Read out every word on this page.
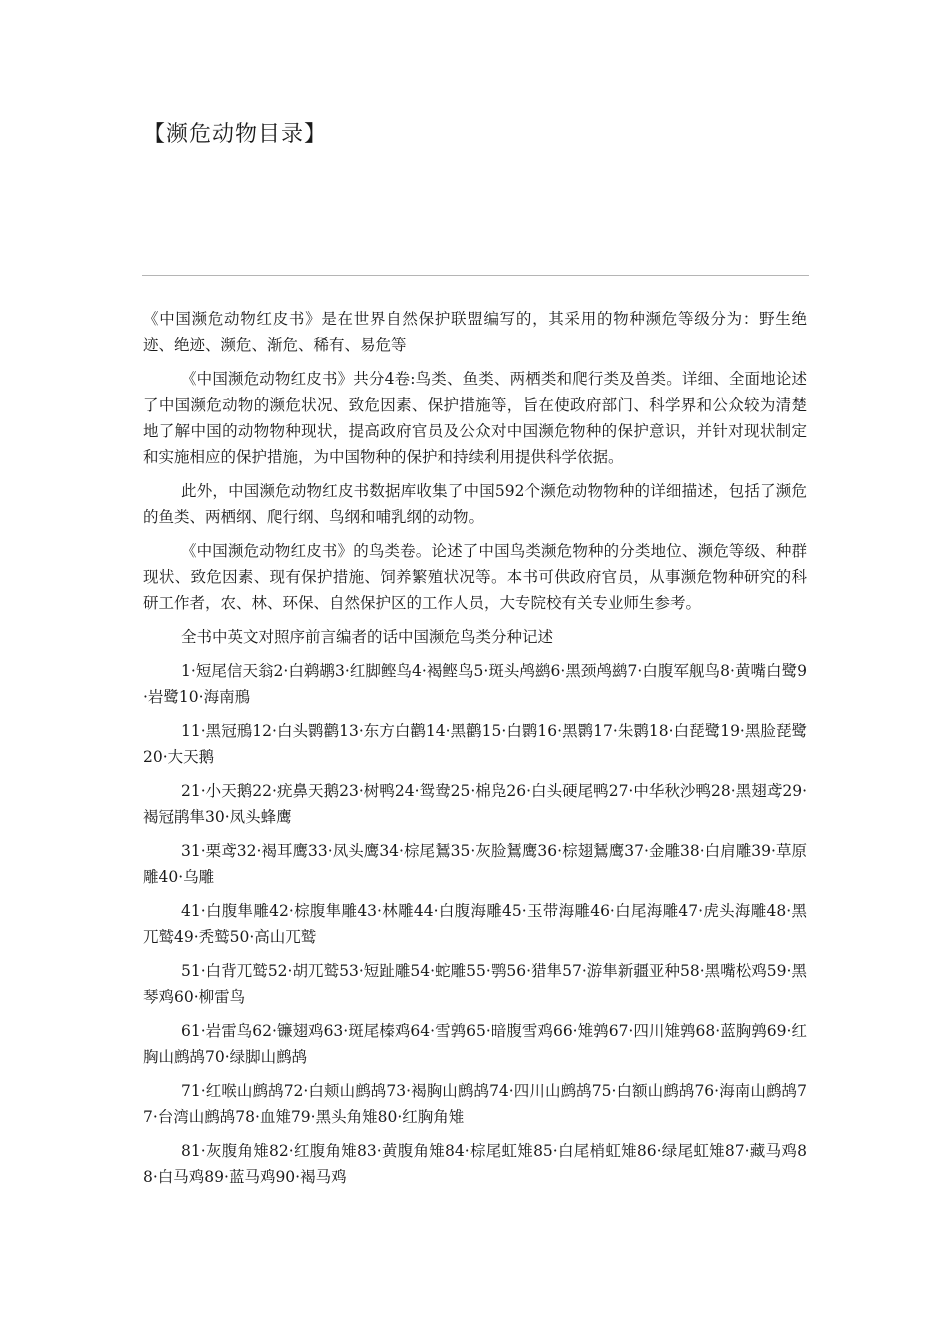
【濒危动物目录】

《中国濒危动物红皮书》是在世界自然保护联盟编写的，其采用的物种濒危等级分为：野生绝迹、绝迹、濒危、渐危、稀有、易危等

《中国濒危动物红皮书》共分4卷:鸟类、鱼类、两栖类和爬行类及兽类。详细、全面地论述了中国濒危动物的濒危状况、致危因素、保护措施等，旨在使政府部门、科学界和公众较为清楚地了解中国的动物物种现状，提高政府官员及公众对中国濒危物种的保护意识，并针对现状制定和实施相应的保护措施，为中国物种的保护和持续利用提供科学依据。

此外，中国濒危动物红皮书数据库收集了中国592个濒危动物物种的详细描述，包括了濒危的鱼类、两栖纲、爬行纲、鸟纲和哺乳纲的动物。

《中国濒危动物红皮书》的鸟类卷。论述了中国鸟类濒危物种的分类地位、濒危等级、种群现状、致危因素、现有保护措施、饲养繁殖状况等。本书可供政府官员，从事濒危物种研究的科研工作者，农、林、环保、自然保护区的工作人员，大专院校有关专业师生参考。

全书中英文对照序前言编者的话中国濒危鸟类分种记述

1·短尾信天翁2·白鹈鹕3·红脚鲣鸟4·褐鲣鸟5·斑头鸬鹚6·黑颈鸬鹚7·白腹军舰鸟8·黄嘴白鹭9·岩鹭10·海南鳽

11·黑冠鳽12·白头鹮鹳13·东方白鹳14·黑鹳15·白鹮16·黑鹮17·朱鹮18·白琵鹭19·黑脸琵鹭20·大天鹅

21·小天鹅22·疣鼻天鹅23·树鸭24·鸳鸯25·棉凫26·白头硬尾鸭27·中华秋沙鸭28·黑翅鸢29·褐冠鹃隼30·凤头蜂鹰

31·栗鸢32·褐耳鹰33·凤头鹰34·棕尾鵟35·灰脸鵟鹰36·棕翅鵟鹰37·金雕38·白肩雕39·草原雕40·乌雕

41·白腹隼雕42·棕腹隼雕43·林雕44·白腹海雕45·玉带海雕46·白尾海雕47·虎头海雕48·黑兀鹫49·秃鹫50·高山兀鹫

51·白背兀鹫52·胡兀鹫53·短趾雕54·蛇雕55·鹗56·猎隼57·游隼新疆亚种58·黑嘴松鸡59·黑琴鸡60·柳雷鸟

61·岩雷鸟62·镰翅鸡63·斑尾榛鸡64·雪鹑65·暗腹雪鸡66·雉鹑67·四川雉鹑68·蓝胸鹑69·红胸山鹧鸪70·绿脚山鹧鸪

71·红喉山鹧鸪72·白颊山鹧鸪73·褐胸山鹧鸪74·四川山鹧鸪75·白额山鹧鸪76·海南山鹧鸪77·台湾山鹧鸪78·血雉79·黑头角雉80·红胸角雉

81·灰腹角雉82·红腹角雉83·黄腹角雉84·棕尾虹雉85·白尾梢虹雉86·绿尾虹雉87·藏马鸡88·白马鸡89·蓝马鸡90·褐马鸡
